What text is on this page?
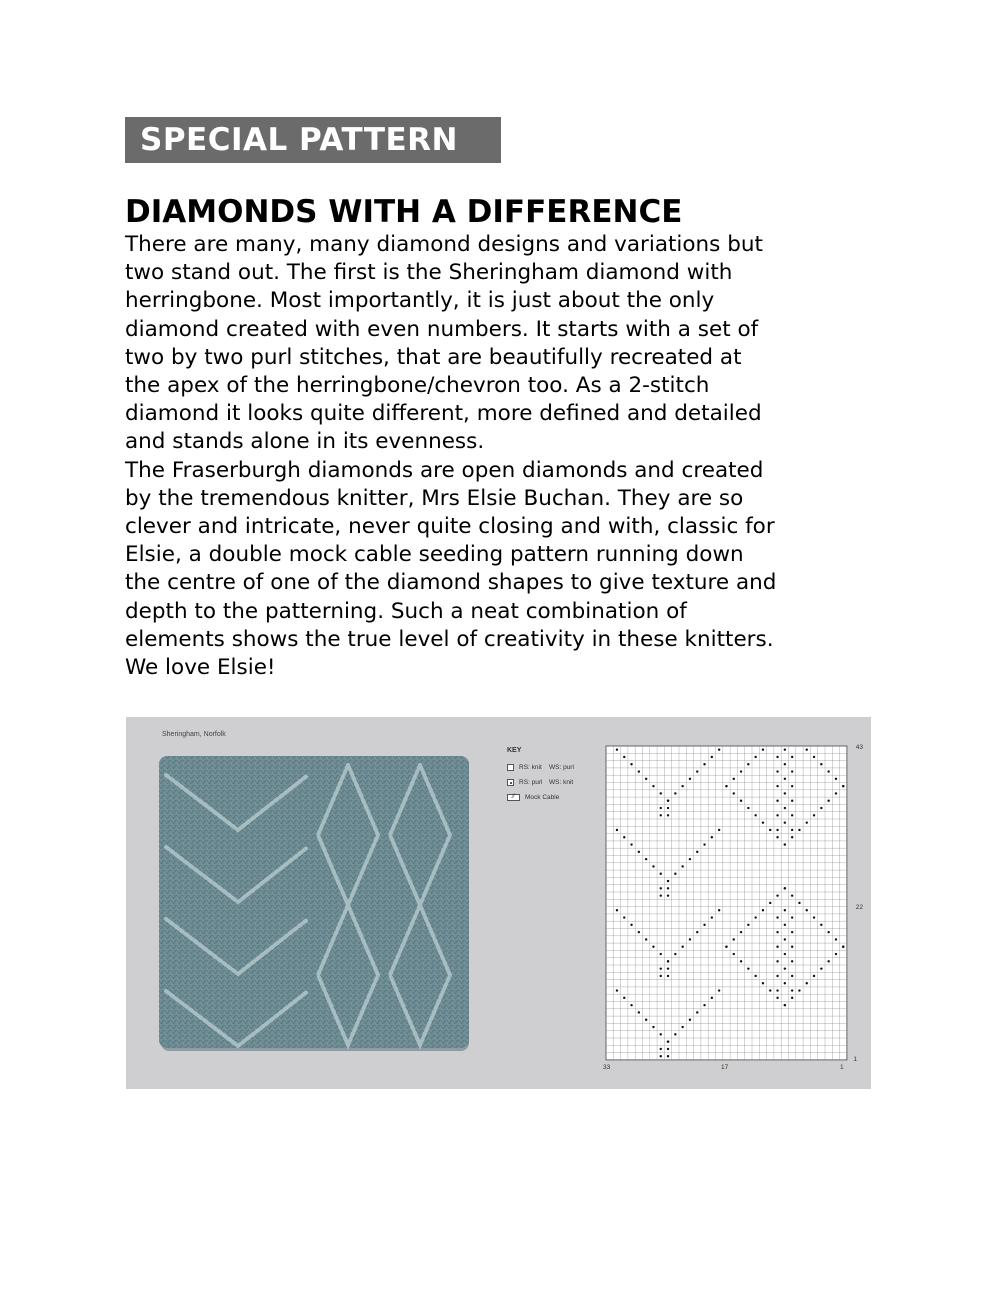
SPECIAL PATTERN
DIAMONDS WITH A DIFFERENCE

There are many, many diamond designs and variations but

two stand out. The first is the Sheringham diamond with

herringbone. Most importantly, it is just about the only

diamond created with even numbers. It starts with a set of

two by two purl stitches, that are beautifully recreated at

the apex of the herringbone/chevron too. As a 2-stitch

diamond it looks quite different, more defined and detailed

and stands alone in its evenness.

The Fraserburgh diamonds are open diamonds and created

by the tremendous knitter, Mrs Elsie Buchan. They are so

clever and intricate, never quite closing and with, classic for

Elsie, a double mock cable seeding pattern running down

the centre of one of the diamond shapes to give texture and

depth to the patterning. Such a neat combination of

elements shows the true level of creativity in these knitters.

We love Elsie!

Sheringham, Norfolk
KEY
RS: knit	WS: purl
RS: purl	WS: knit
⁄⁄	Mock Cable
43
22
1
33	17	1
